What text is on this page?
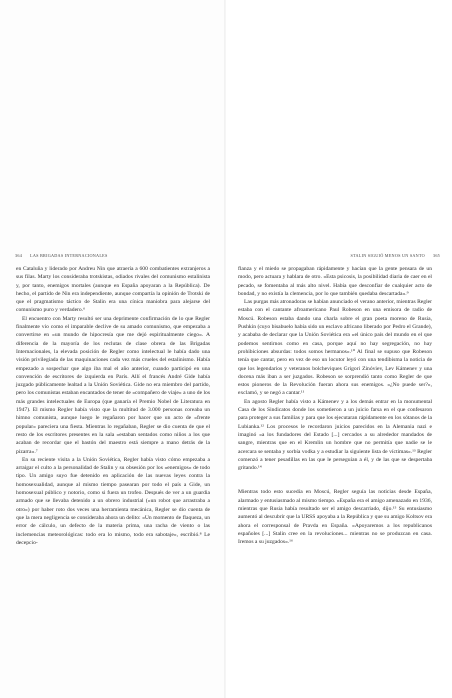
364 LAS BRIGADAS INTERNACIONALES

en Cataluña y liderado por Andreu Nin que atraería a 600 combatientes extranjeros a sus filas. Marty los consideraba trotskistas, odiados rivales del comunismo estalinista y, por tanto, enemigos mortales (aunque en España apoyaran a la República). De hecho, el partido de Nin era independiente, aunque compartía la opinión de Trotski de que el pragmatismo táctico de Stalin era una cínica maniobra para alejarse del comunismo puro y verdadero.⁶

El encuentro con Marty resultó ser una deprimente confirmación de lo que Regler finalmente vio como el imparable declive de su amado comunismo, que empezaba a convertirse en «un mundo de hipocresía que me dejó espiritualmente ciego». A diferencia de la mayoría de los reclutas de clase obrera de las Brigadas Internacionales, la elevada posición de Regler como intelectual le había dado una visión privilegiada de las maquinaciones cada vez más crueles del estalinismo. Había empezado a sospechar que algo iba mal el año anterior, cuando participó en una convención de escritores de izquierda en París. Allí el francés André Gide había juzgado públicamente lealtad a la Unión Soviética. Gide no era miembro del partido, pero los comunistas estaban encantados de tener de «compañero de viaje» a uno de los más grandes intelectuales de Europa (que ganaría el Premio Nobel de Literatura en 1947). El mismo Regler había visto que la multitud de 3.000 personas coreaba un himno comunista, aunque luego le regañaron por hacer que un acto de «frente popular» pareciera una fiesta. Mientras lo regañaban, Regler se dio cuenta de que el resto de los escritores presentes en la sala «estaban sentados como niños a los que acaban de recordar que el bastón del maestro está siempre a mano detrás de la pizarra».⁷

En su reciente visita a la Unión Soviética, Regler había visto cómo empezaba a arraigar el culto a la personalidad de Stalin y su obsesión por los «enemigos» de todo tipo. Un amigo suyo fue detenido en aplicación de las nuevas leyes contra la homosexualidad, aunque al mismo tiempo pasearan por todo el país a Gide, un homosexual público y notorio, como si fuera un trofeo. Después de ver a un guardia armado que se llevaba detenido a un obrero industrial («un robot que arrastraba a otro») por haber roto dos veces una herramienta mecánica, Regler se dio cuenta de que la mera negligencia se consideraba ahora un delito: «Un momento de flaqueza, un error de cálculo, un defecto de la materia prima, una racha de viento o las inclemencias meteorológicas: todo era lo mismo, todo era sabotaje», escribió.⁸ Le decepcio-

STALIN SIGUIÓ MENOS UN SANTO 365

flanza y el miedo se propagaban rápidamente y hacían que la gente pensara de un modo, pero actuara y hablara de otro. «Esta psicosis, la posibilidad diaria de caer en el pecado, se fomentaba al más alto nivel. Había que desconfiar de cualquier acto de bondad, y no existía la clemencia, por lo que también quedaba descartada».⁹

Las purgas más atronadoras se habían anunciado el verano anterior, mientras Regler estaba con el cantante afroamericano Paul Robeson en una emisora de radio de Moscú. Robeson estaba dando una charla sobre el gran poeta moreno de Rusia, Pushkin (cuyo bisabuelo había sido un esclavo africano liberado por Pedro el Grande), y acababa de declarar que la Unión Soviética era «el único país del mundo en el que podemos sentirnos como en casa, porque aquí no hay segregación, no hay prohibiciones absurdas: todos somos hermanos».¹⁰ Al final se supuso que Robeson tenía que cantar, pero en vez de eso un locutor leyó con una tendibisma la noticia de que los legendarios y veteranos bolcheviques Grigori Zinóviev, Lev Kámenev y una docena más iban a ser juzgados. Robeson se sorprendió tanto como Regler de que estos pioneros de la Revolución fueran ahora sus enemigos. «¿No puede ser?», exclamó, y se negó a cantar.¹¹

En agosto Regler había visto a Kámenev y a los demás entrar en la monumental Casa de los Sindicatos donde los sometieron a un juicio farsa en el que confesaron para proteger a sus familias y para que los ejecutaran rápidamente en los sótanos de la Lubianka.¹² Los procesos le recordaron juicios parecidos en la Alemania nazi e imaginó «a los fundadores del Estado [...] cercados a su alrededor mandados de sangre, mientras que en el Kremlin un hombre que no permitía que nadie se le acercara se sentaba y sorbía vodka y a estudiar la siguiente lista de víctimas».¹³ Regler comenzó a tener pesadillas en las que le perseguían a él, y de las que se despertaba gritando.¹⁴

Mientras todo esto sucedía en Moscú, Regler seguía las noticias desde España, alarmado y entusiasmado al mismo tiempo. «España era el amigo amenazado en 1936, mientras que Rusia había resultado ser el amigo descarriado, dijo.¹⁵ Su entusiasmo aumentó al descubrir que la URSS apoyaba a la República y que su amigo Koltsov era ahora el corresponsal de Pravda en España. «Apoyaremos a los republicanos españoles [...] Stalin cree en la revoluciones... mientras no se produzcan en casa. Iremos a su juzgados».¹⁶
